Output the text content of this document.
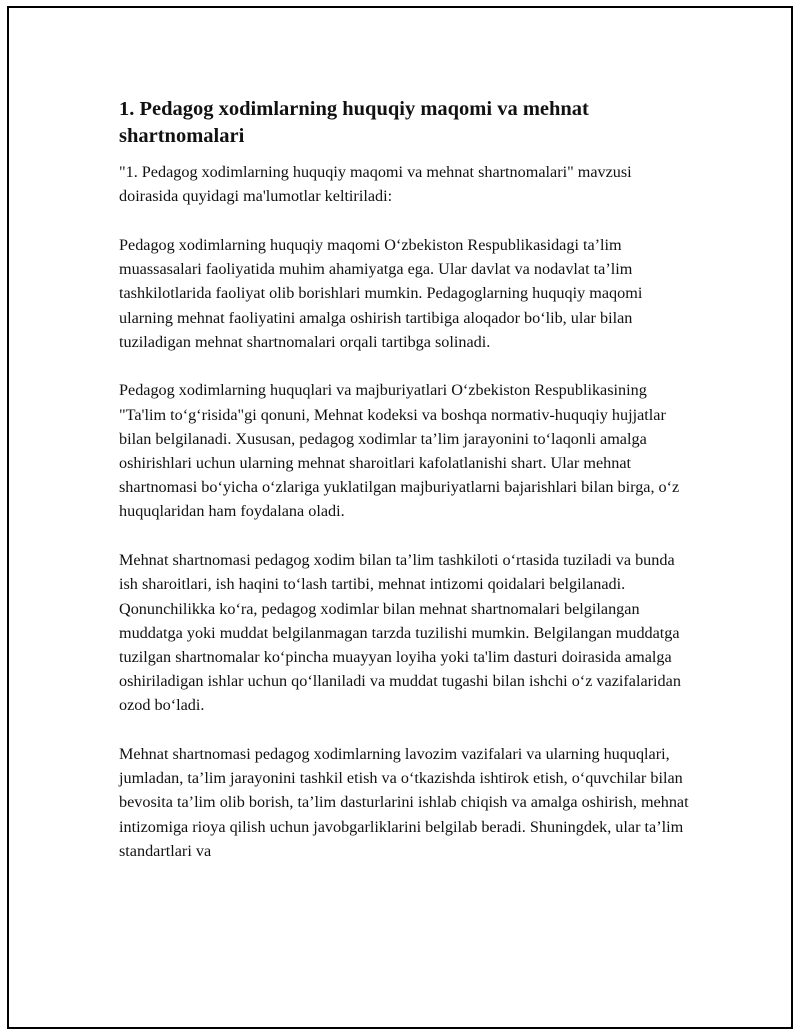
1. Pedagog xodimlarning huquqiy maqomi va mehnat shartnomalari

"1. Pedagog xodimlarning huquqiy maqomi va mehnat shartnomalari" mavzusi doirasida quyidagi ma'lumotlar keltiriladi:

Pedagog xodimlarning huquqiy maqomi O‘zbekiston Respublikasidagi ta’lim muassasalari faoliyatida muhim ahamiyatga ega. Ular davlat va nodavlat ta’lim tashkilotlarida faoliyat olib borishlari mumkin. Pedagoglarning huquqiy maqomi ularning mehnat faoliyatini amalga oshirish tartibiga aloqador bo‘lib, ular bilan tuziladigan mehnat shartnomalari orqali tartibga solinadi.

Pedagog xodimlarning huquqlari va majburiyatlari O‘zbekiston Respublikasining "Ta'lim to‘g‘risida"gi qonuni, Mehnat kodeksi va boshqa normativ-huquqiy hujjatlar bilan belgilanadi. Xususan, pedagog xodimlar ta’lim jarayonini to‘laqonli amalga oshirishlari uchun ularning mehnat sharoitlari kafolatlanishi shart. Ular mehnat shartnomasi bo‘yicha o‘zlariga yuklatilgan majburiyatlarni bajarishlari bilan birga, o‘z huquqlaridan ham foydalana oladi.

Mehnat shartnomasi pedagog xodim bilan ta’lim tashkiloti o‘rtasida tuziladi va bunda ish sharoitlari, ish haqini to‘lash tartibi, mehnat intizomi qoidalari belgilanadi. Qonunchilikka ko‘ra, pedagog xodimlar bilan mehnat shartnomalari belgilangan muddatga yoki muddat belgilanmagan tarzda tuzilishi mumkin. Belgilangan muddatga tuzilgan shartnomalar ko‘pincha muayyan loyiha yoki ta'lim dasturi doirasida amalga oshiriladigan ishlar uchun qo‘llaniladi va muddat tugashi bilan ishchi o‘z vazifalaridan ozod bo‘ladi.

Mehnat shartnomasi pedagog xodimlarning lavozim vazifalari va ularning huquqlari, jumladan, ta’lim jarayonini tashkil etish va o‘tkazishda ishtirok etish, o‘quvchilar bilan bevosita ta’lim olib borish, ta’lim dasturlarini ishlab chiqish va amalga oshirish, mehnat intizomiga rioya qilish uchun javobgarliklarini belgilab beradi. Shuningdek, ular ta’lim standartlari va
